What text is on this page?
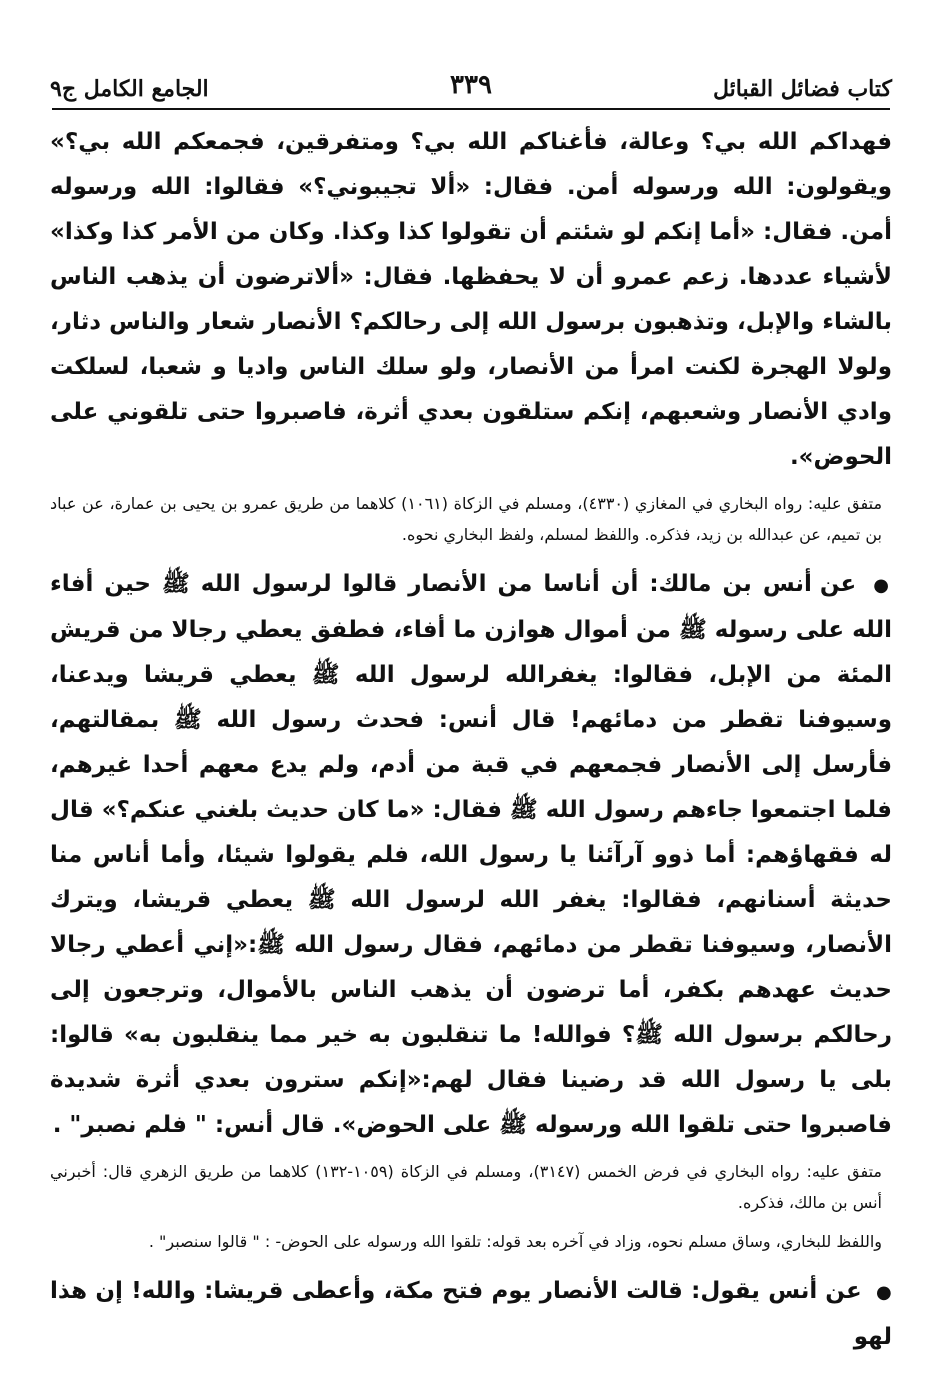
كتاب فضائل القبائل
٣٣٩
الجامع الكامل ج٩

فهداكم الله بي؟ وعالة، فأغناكم الله بي؟ ومتفرقين، فجمعكم الله بي؟» ويقولون: الله ورسوله أمن. فقال: «ألا تجيبوني؟» فقالوا: الله ورسوله أمن. فقال: «أما إنكم لو شئتم أن تقولوا كذا وكذا. وكان من الأمر كذا وكذا» لأشياء عددها. زعم عمرو أن لا يحفظها. فقال: «ألاترضون أن يذهب الناس بالشاء والإبل، وتذهبون برسول الله إلى رحالكم؟ الأنصار شعار والناس دثار، ولولا الهجرة لكنت امرأ من الأنصار، ولو سلك الناس واديا و شعبا، لسلكت وادي الأنصار وشعبهم، إنكم ستلقون بعدي أثرة، فاصبروا حتى تلقوني على الحوض».

متفق عليه: رواه البخاري في المغازي (٤٣٣٠)، ومسلم في الزكاة (١٠٦١) كلاهما من طريق عمرو بن يحيى بن عمارة، عن عباد بن تميم، عن عبدالله بن زيد، فذكره. واللفظ لمسلم، ولفظ البخاري نحوه.

● عن أنس بن مالك: أن أناسا من الأنصار قالوا لرسول الله ﷺ حين أفاء الله على رسوله ﷺ من أموال هوازن ما أفاء، فطفق يعطي رجالا من قريش المئة من الإبل، فقالوا: يغفرالله لرسول الله ﷺ يعطي قريشا ويدعنا، وسيوفنا تقطر من دمائهم! قال أنس: فحدث رسول الله ﷺ بمقالتهم، فأرسل إلى الأنصار فجمعهم في قبة من أدم، ولم يدع معهم أحدا غيرهم، فلما اجتمعوا جاءهم رسول الله ﷺ فقال: «ما كان حديث بلغني عنكم؟» قال له فقهاؤهم: أما ذوو آرآئنا يا رسول الله، فلم يقولوا شيئا، وأما أناس منا حديثة أسنانهم، فقالوا: يغفر الله لرسول الله ﷺ يعطي قريشا، ويترك الأنصار، وسيوفنا تقطر من دمائهم، فقال رسول الله ﷺ:«إني أعطي رجالا حديث عهدهم بكفر، أما ترضون أن يذهب الناس بالأموال، وترجعون إلى رحالكم برسول الله ﷺ؟ فوالله! ما تنقلبون به خير مما ينقلبون به» قالوا: بلى يا رسول الله قد رضينا فقال لهم:«إنكم سترون بعدي أثرة شديدة فاصبروا حتى تلقوا الله ورسوله ﷺ على الحوض». قال أنس: " فلم نصبر" .

متفق عليه: رواه البخاري في فرض الخمس (٣١٤٧)، ومسلم في الزكاة (١٠٥٩-١٣٢) كلاهما من طريق الزهري قال: أخبرني أنس بن مالك، فذكره.

واللفظ للبخاري، وساق مسلم نحوه، وزاد في آخره بعد قوله: تلقوا الله ورسوله على الحوض- : " قالوا سنصبر" .

● عن أنس يقول: قالت الأنصار يوم فتح مكة، وأعطى قريشا: والله! إن هذا لهو
